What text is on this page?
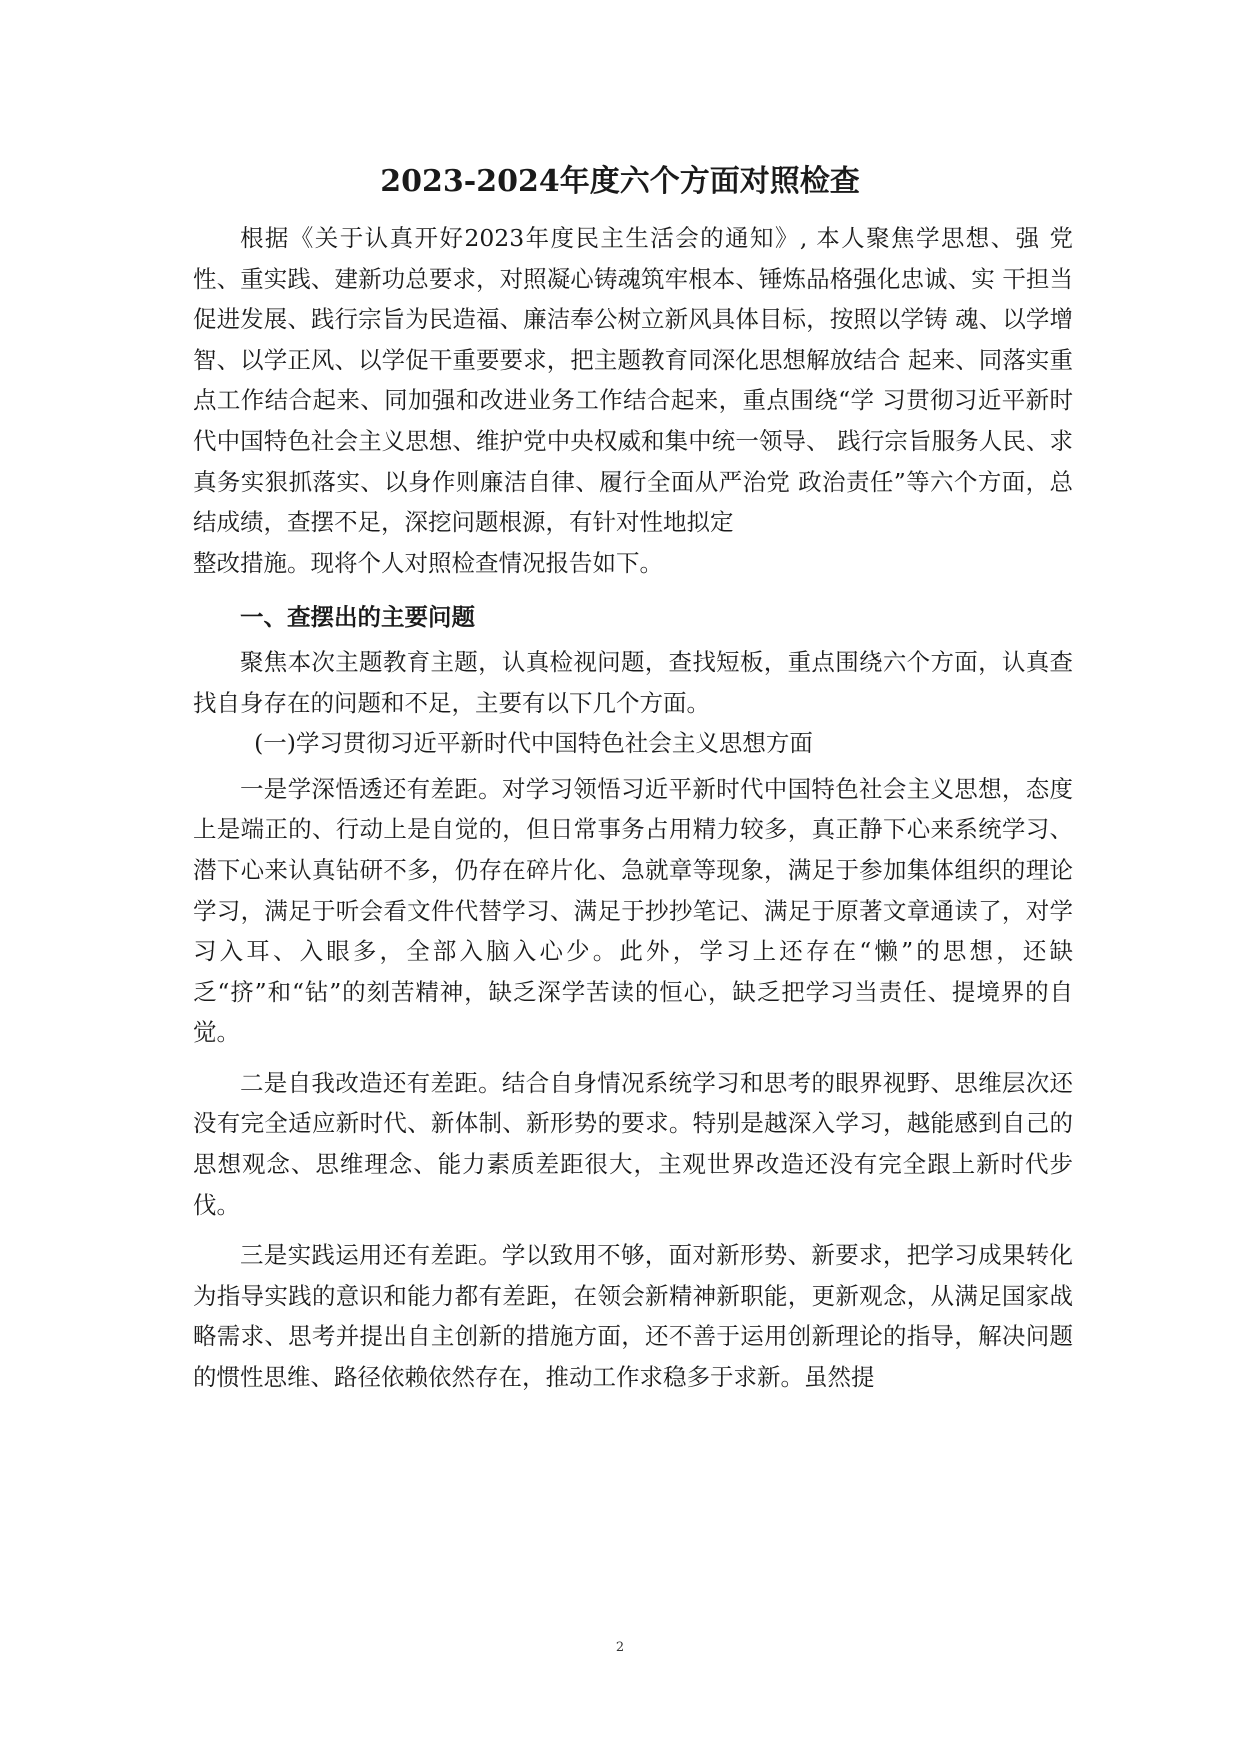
2023-2024年度六个方面对照检查

根据《关于认真开好2023年度民主生活会的通知》, 本人聚焦学思想、强 党性、重实践、建新功总要求，对照凝心铸魂筑牢根本、锤炼品格强化忠诚、实 干担当促进发展、践行宗旨为民造福、廉洁奉公树立新风具体目标，按照以学铸 魂、以学增智、以学正风、以学促干重要要求，把主题教育同深化思想解放结合 起来、同落实重点工作结合起来、同加强和改进业务工作结合起来，重点围绕“学 习贯彻习近平新时代中国特色社会主义思想、维护党中央权威和集中统一领导、 践行宗旨服务人民、求真务实狠抓落实、以身作则廉洁自律、履行全面从严治党 政治责任”等六个方面，总结成绩，查摆不足，深挖问题根源，有针对性地拟定

整改措施。现将个人对照检查情况报告如下。

一、查摆出的主要问题

聚焦本次主题教育主题，认真检视问题，查找短板，重点围绕六个方面，认真查找自身存在的问题和不足，主要有以下几个方面。

(一)学习贯彻习近平新时代中国特色社会主义思想方面

一是学深悟透还有差距。对学习领悟习近平新时代中国特色社会主义思想，态度上是端正的、行动上是自觉的，但日常事务占用精力较多，真正静下心来系统学习、潜下心来认真钻研不多，仍存在碎片化、急就章等现象，满足于参加集体组织的理论学习，满足于听会看文件代替学习、满足于抄抄笔记、满足于原著文章通读了，对学习入耳、入眼多，全部入脑入心少。此外，学习上还存在“懒”的思想，还缺乏“挤”和“钻”的刻苦精神，缺乏深学苦读的恒心，缺乏把学习当责任、提境界的自觉。

二是自我改造还有差距。结合自身情况系统学习和思考的眼界视野、思维层次还没有完全适应新时代、新体制、新形势的要求。特别是越深入学习，越能感到自己的思想观念、思维理念、能力素质差距很大，主观世界改造还没有完全跟上新时代步伐。

三是实践运用还有差距。学以致用不够，面对新形势、新要求，把学习成果转化为指导实践的意识和能力都有差距，在领会新精神新职能，更新观念，从满足国家战略需求、思考并提出自主创新的措施方面，还不善于运用创新理论的指导，解决问题的惯性思维、路径依赖依然存在，推动工作求稳多于求新。虽然提

2
